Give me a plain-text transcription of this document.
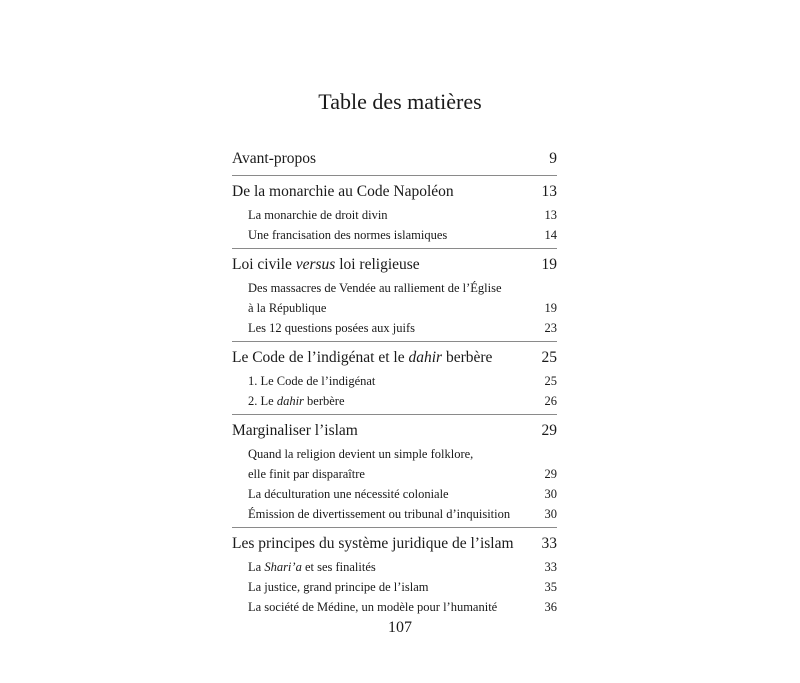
Table des matières
Avant-propos	9
De la monarchie au Code Napoléon	13
La monarchie de droit divin	13
Une francisation des normes islamiques	14
Loi civile versus loi religieuse	19
Des massacres de Vendée au ralliement de l’Église
à la République	19
Les 12 questions posées aux juifs	23
Le Code de l’indigénat et le dahir berbère	25
1. Le Code de l’indigénat	25
2. Le dahir berbère	26
Marginaliser l’islam	29
Quand la religion devient un simple folklore,
elle finit par disparaître	29
La déculturation une nécessité coloniale	30
Émission de divertissement ou tribunal d’inquisition	30
Les principes du système juridique de l’islam	33
La Shari’a et ses finalités	33
La justice, grand principe de l’islam	35
La société de Médine, un modèle pour l’humanité	36
107
